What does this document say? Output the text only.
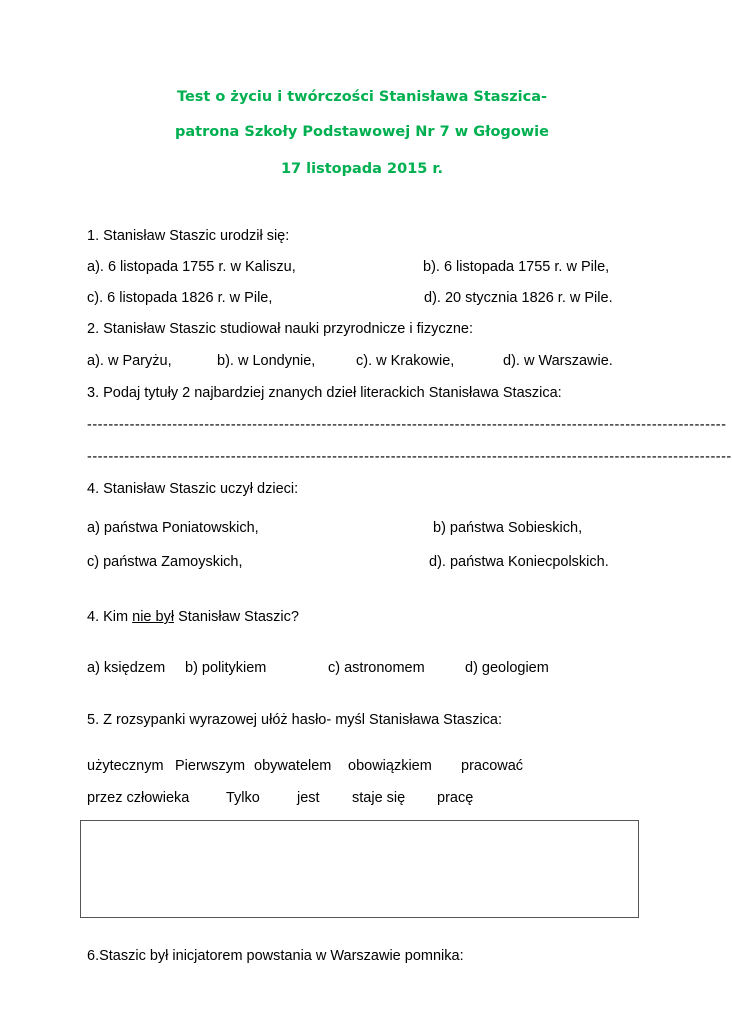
Test o życiu i twórczości Stanisława Staszica-
patrona Szkoły Podstawowej Nr 7 w Głogowie
17 listopada 2015 r.
1. Stanisław Staszic urodził się:
a). 6 listopada 1755 r. w Kaliszu,	b). 6 listopada 1755 r. w Pile,
c). 6 listopada 1826 r. w Pile,	d). 20 stycznia 1826 r. w Pile.
2. Stanisław Staszic studiował nauki przyrodnicze i fizyczne:
a). w Paryżu,	b). w Londynie,	c). w Krakowie,	d). w Warszawie.
3. Podaj tytuły 2 najbardziej znanych dzieł literackich Stanisława Staszica:
------------------------------------------------------------------------------------------------------------------------
-------------------------------------------------------------------------------------------------------------------------
4. Stanisław Staszic uczył dzieci:
a) państwa Poniatowskich,	b) państwa Sobieskich,
c) państwa Zamoyskich,	d). państwa Koniecpolskich.
4. Kim nie był Stanisław Staszic?
a) księdzem b) politykiem	c) astronomem	d) geologiem
5. Z rozsypanki wyrazowej ułóż hasło- myśl Stanisława Staszica:
użytecznym Pierwszym obywatelem obowiązkiem pracować
przez człowieka	Tylko	jest staje się pracę
6.Staszic był inicjatorem powstania w Warszawie pomnika:
